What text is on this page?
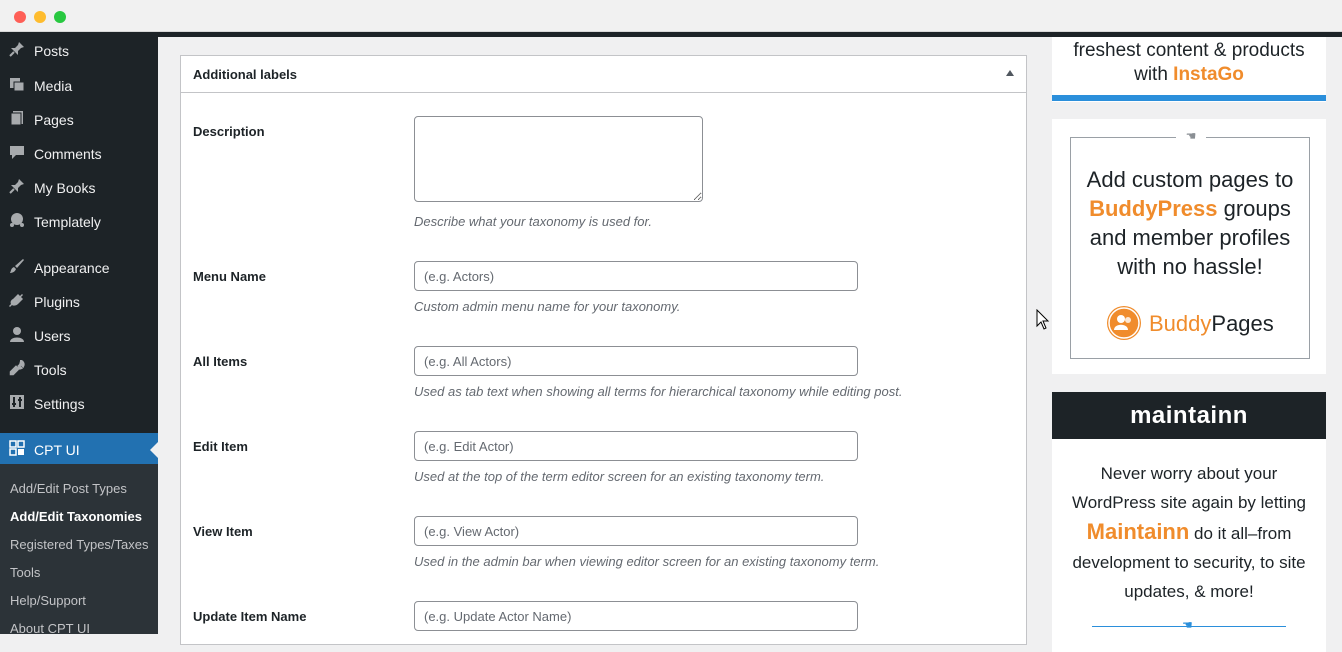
Posts
Media
Pages
Comments
My Books
Templately
Appearance
Plugins
Users
Tools
Settings
CPT UI
Add/Edit Post Types
Add/Edit Taxonomies
Registered Types/Taxes
Tools
Help/Support
About CPT UI
Additional labels
Description
Describe what your taxonomy is used for.
Menu Name
(e.g. Actors)
Custom admin menu name for your taxonomy.
All Items
(e.g. All Actors)
Used as tab text when showing all terms for hierarchical taxonomy while editing post.
Edit Item
(e.g. Edit Actor)
Used at the top of the term editor screen for an existing taxonomy term.
View Item
(e.g. View Actor)
Used in the admin bar when viewing editor screen for an existing taxonomy term.
Update Item Name
(e.g. Update Actor Name)
freshest content & products
with InstaGo
☚
Add custom pages to
BuddyPress groups
and member profiles
with no hassle!
BuddyPages
maintainn
Never worry about your
WordPress site again by letting
Maintainn do it all–from
development to security, to site
updates, & more!
☚
